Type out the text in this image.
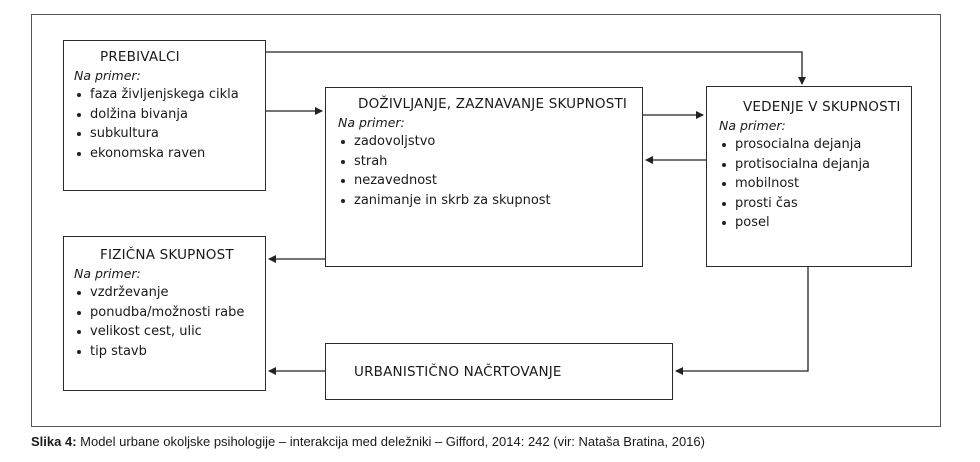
PREBIVALCI
Na primer:
faza življenjskega cikla
dolžina bivanja
subkultura
ekonomska raven
DOŽIVLJANJE, ZAZNAVANJE SKUPNOSTI
Na primer:
zadovoljstvo
strah
nezavednost
zanimanje in skrb za skupnost
VEDENJE V SKUPNOSTI
Na primer:
prosocialna dejanja
protisocialna dejanja
mobilnost
prosti čas
posel
FIZIČNA SKUPNOST
Na primer:
vzdrževanje
ponudba/možnosti rabe
velikost cest, ulic
tip stavb
URBANISTIČNO NAČRTOVANJE
Slika 4: Model urbane okoljske psihologije – interakcija med deležniki – Gifford, 2014: 242 (vir: Nataša Bratina, 2016)
